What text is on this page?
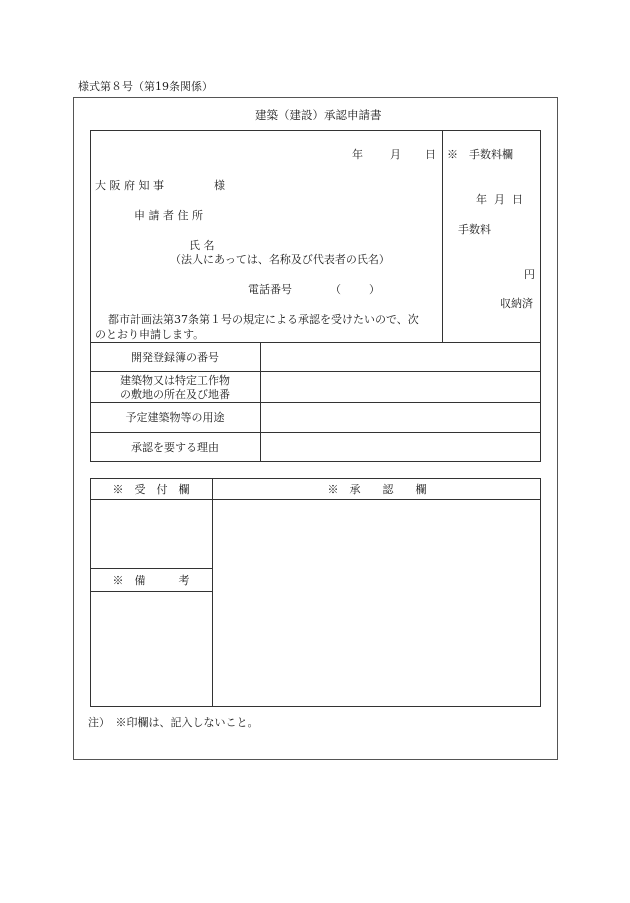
様式第８号（第19条関係）
建築（建設）承認申請書
年 月 日
大 阪 府 知 事	様
申 請 者 住 所
氏 名
（法人にあっては、名称及び代表者の氏名）
電話番号	（        ）
都市計画法第37条第１号の規定による承認を受けたいので、次
のとおり申請します。
※　手数料欄
年  月  日
手数料
円
収納済
開発登録簿の番号
建築物又は特定工作物
の敷地の所在及び地番
予定建築物等の用途
承認を要する理由
※　受　付　欄	※　承　　認　　欄
※　備　　　考
注）　※印欄は、記入しないこと。
